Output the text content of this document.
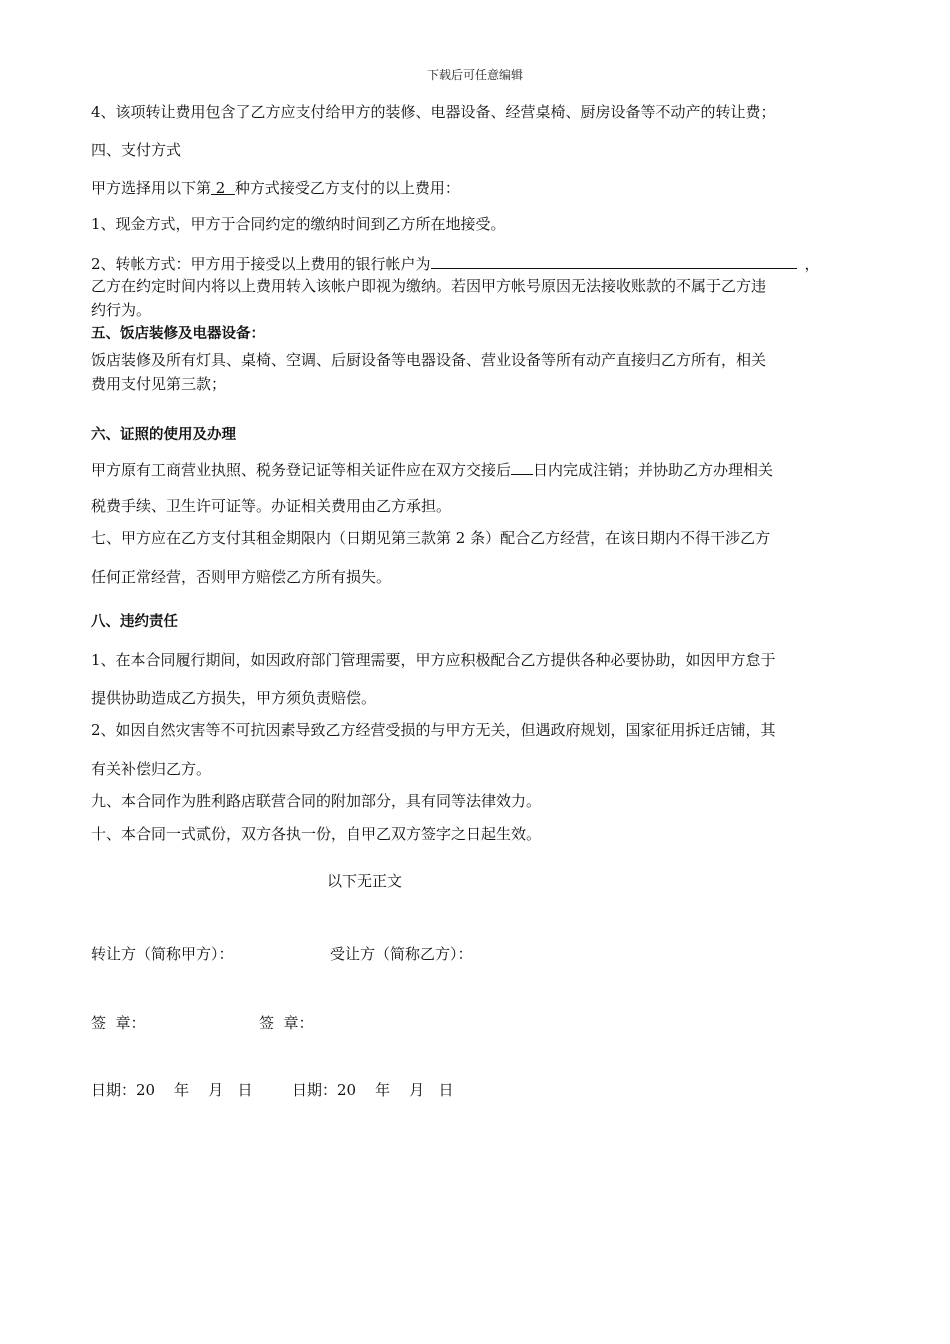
下载后可任意编辑
4、该项转让费用包含了乙方应支付给甲方的装修、电器设备、经营桌椅、厨房设备等不动产的转让费；
四、支付方式
甲方选择用以下第 2  种方式接受乙方支付的以上费用：
1、现金方式，甲方于合同约定的缴纳时间到乙方所在地接受。
2、转帐方式：甲方用于接受以上费用的银行帐户为	，
乙方在约定时间内将以上费用转入该帐户即视为缴纳。若因甲方帐号原因无法接收账款的不属于乙方违
约行为。
五、饭店装修及电器设备：
饭店装修及所有灯具、桌椅、空调、后厨设备等电器设备、营业设备等所有动产直接归乙方所有，相关
费用支付见第三款；
六、证照的使用及办理
甲方原有工商营业执照、税务登记证等相关证件应在双方交接后 日内完成注销；并协助乙方办理相关
税费手续、卫生许可证等。办证相关费用由乙方承担。
七、甲方应在乙方支付其租金期限内（日期见第三款第 2 条）配合乙方经营，在该日期内不得干涉乙方
任何正常经营，否则甲方赔偿乙方所有损失。
八、违约责任
1、在本合同履行期间，如因政府部门管理需要，甲方应积极配合乙方提供各种必要协助，如因甲方怠于
提供协助造成乙方损失，甲方须负责赔偿。
2、如因自然灾害等不可抗因素导致乙方经营受损的与甲方无关，但遇政府规划，国家征用拆迁店铺，其
有关补偿归乙方。
九、本合同作为胜利路店联营合同的附加部分，具有同等法律效力。
十、本合同一式贰份，双方各执一份，自甲乙双方签字之日起生效。
以下无正文
转让方（简称甲方）：	受让方（简称乙方）：
签  章：	签  章：
日期：20    年    月   日	日期：20    年    月   日
